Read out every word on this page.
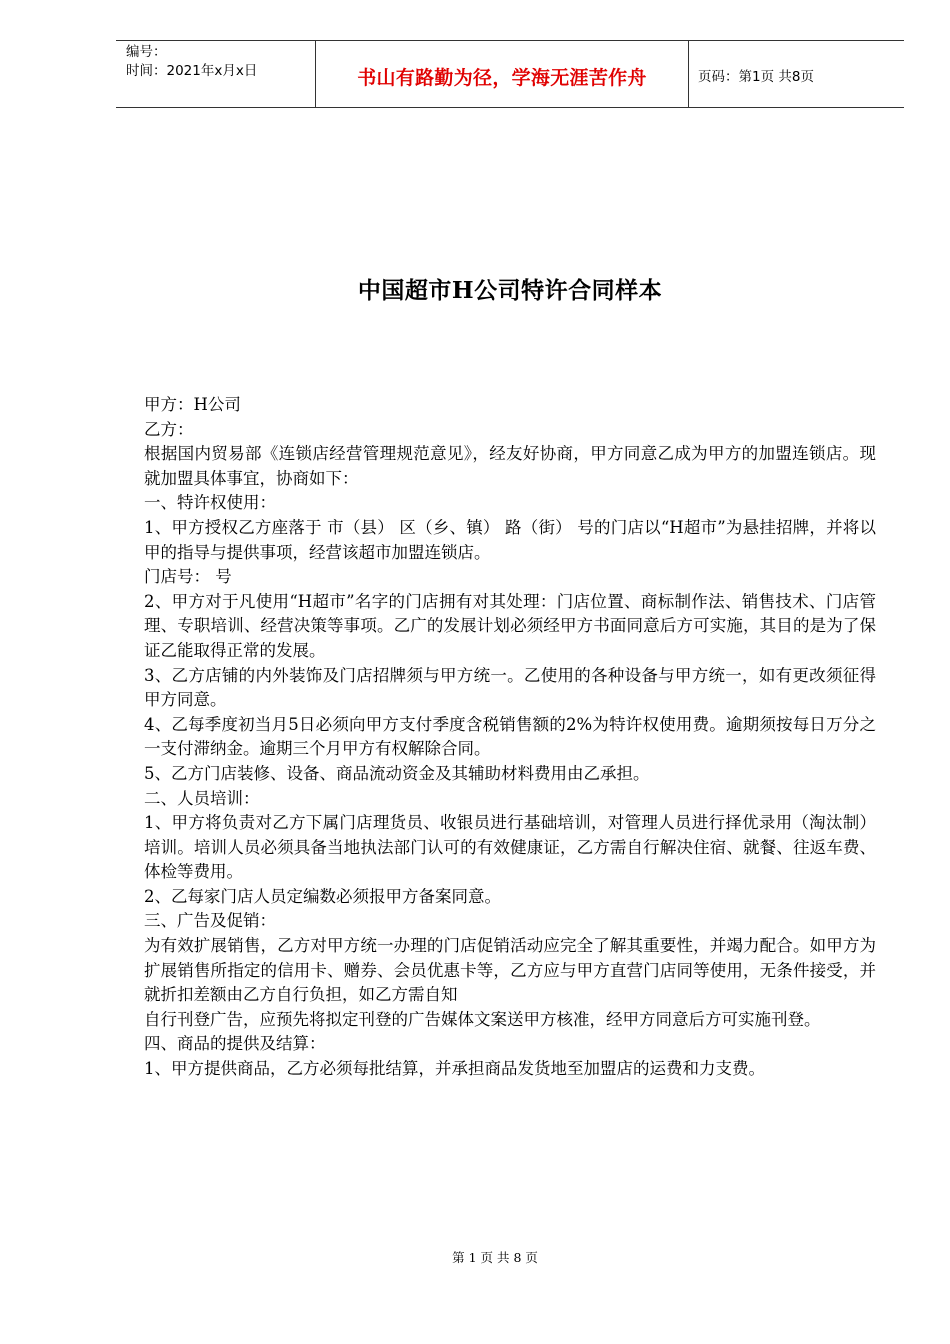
编号：
时间：2021年x月x日	书山有路勤为径，学海无涯苦作舟	页码：第1页 共8页
中国超市H公司特许合同样本

甲方：H公司

乙方：

根据国内贸易部《连锁店经营管理规范意见》，经友好协商，甲方同意乙成为甲方的加盟连锁店。现就加盟具体事宜，协商如下：

一、特许权使用：

1、甲方授权乙方座落于 市（县） 区（乡、镇） 路（街） 号的门店以“H超市”为悬挂招牌，并将以甲的指导与提供事项，经营该超市加盟连锁店。

门店号： 号

2、甲方对于凡使用“H超市”名字的门店拥有对其处理：门店位置、商标制作法、销售技术、门店管理、专职培训、经营决策等事项。乙广的发展计划必须经甲方书面同意后方可实施，其目的是为了保证乙能取得正常的发展。

3、乙方店铺的内外装饰及门店招牌须与甲方统一。乙使用的各种设备与甲方统一，如有更改须征得甲方同意。

4、乙每季度初当月5日必须向甲方支付季度含税销售额的2%为特许权使用费。逾期须按每日万分之一支付滞纳金。逾期三个月甲方有权解除合同。

5、乙方门店装修、设备、商品流动资金及其辅助材料费用由乙承担。

二、人员培训：

1、甲方将负责对乙方下属门店理货员、收银员进行基础培训，对管理人员进行择优录用（淘汰制）培训。培训人员必须具备当地执法部门认可的有效健康证，乙方需自行解决住宿、就餐、往返车费、体检等费用。

2、乙每家门店人员定编数必须报甲方备案同意。

三、广告及促销：

为有效扩展销售，乙方对甲方统一办理的门店促销活动应完全了解其重要性，并竭力配合。如甲方为扩展销售所指定的信用卡、赠券、会员优惠卡等，乙方应与甲方直营门店同等使用，无条件接受，并就折扣差额由乙方自行负担，如乙方需自知

自行刊登广告，应预先将拟定刊登的广告媒体文案送甲方核准，经甲方同意后方可实施刊登。

四、商品的提供及结算：

1、甲方提供商品，乙方必须每批结算，并承担商品发货地至加盟店的运费和力支费。

第 1 页 共 8 页
